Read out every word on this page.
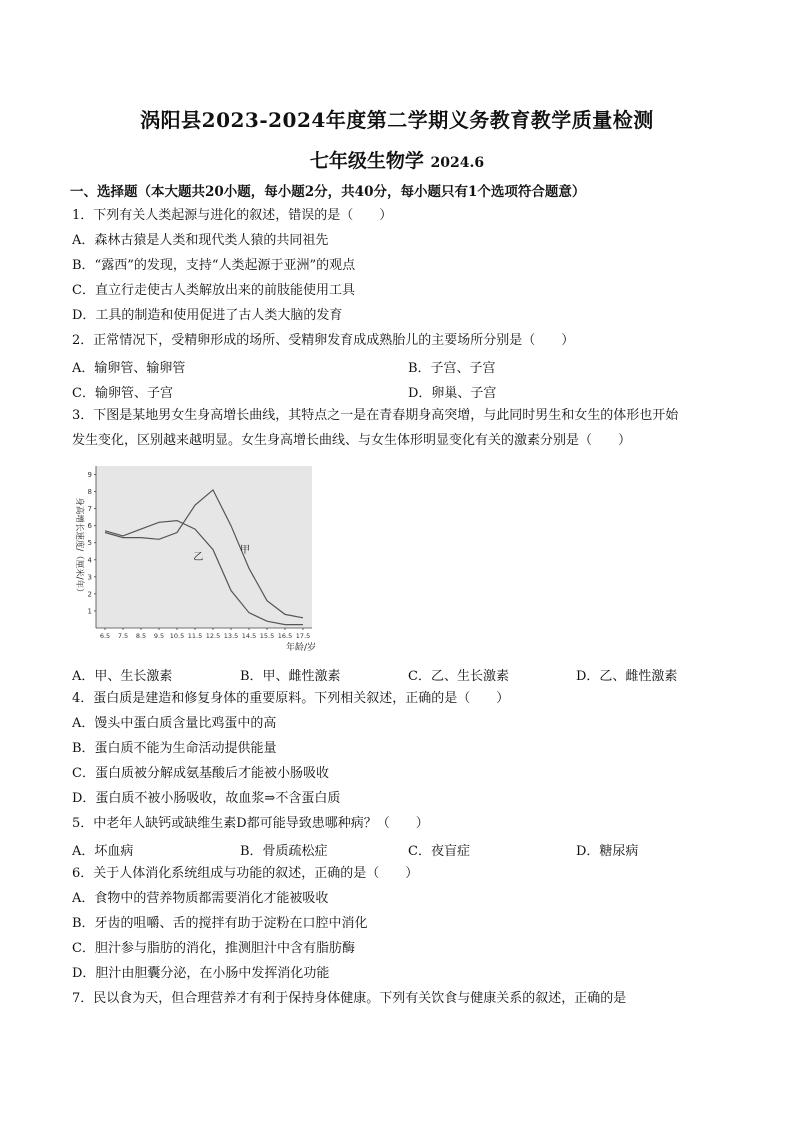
涡阳县2023-2024年度第二学期义务教育教学质量检测
七年级生物学 2024.6
一、选择题（本大题共20小题，每小题2分，共40分，每小题只有1个选项符合题意）
1．下列有关人类起源与进化的叙述，错误的是（　　）
A．森林古猿是人类和现代类人猿的共同祖先
B．“露西”的发现，支持“人类起源于亚洲”的观点
C．直立行走使古人类解放出来的前肢能使用工具
D．工具的制造和使用促进了古人类大脑的发育
2．正常情况下，受精卵形成的场所、受精卵发育成成熟胎儿的主要场所分别是（　　）
A．输卵管、输卵管	B．子宫、子宫
C．输卵管、子宫	D．卵巢、子宫
3．下图是某地男女生身高增长曲线，其特点之一是在青春期身高突增，与此同时男生和女生的体形也开始
发生变化，区别越来越明显。女生身高增长曲线、与女生体形明显变化有关的激素分别是（　　）
1
2
3
4
5
6
7
8
9
6.5 7.5 8.5 9.5 10.5 11.5 12.5 13.5 14.5 15.5 16.5 17.5
身高增长速度/（厘米/年）
年龄/岁
甲
乙
A．甲、生长激素	B．甲、雌性激素	C．乙、生长激素	D．乙、雌性激素
4．蛋白质是建造和修复身体的重要原料。下列相关叙述，正确的是（　　）
A．馒头中蛋白质含量比鸡蛋中的高
B．蛋白质不能为生命活动提供能量
C．蛋白质被分解成氨基酸后才能被小肠吸收
D．蛋白质不被小肠吸收，故血浆⇒不含蛋白质
5．中老年人缺钙或缺维生素D都可能导致患哪种病？（　　）
A．坏血病	B．骨质疏松症	C．夜盲症	D．糖尿病
6．关于人体消化系统组成与功能的叙述，正确的是（　　）
A．食物中的营养物质都需要消化才能被吸收
B．牙齿的咀嚼、舌的搅拌有助于淀粉在口腔中消化
C．胆汁参与脂肪的消化，推测胆汁中含有脂肪酶
D．胆汁由胆囊分泌，在小肠中发挥消化功能
7．民以食为天，但合理营养才有利于保持身体健康。下列有关饮食与健康关系的叙述，正确的是
